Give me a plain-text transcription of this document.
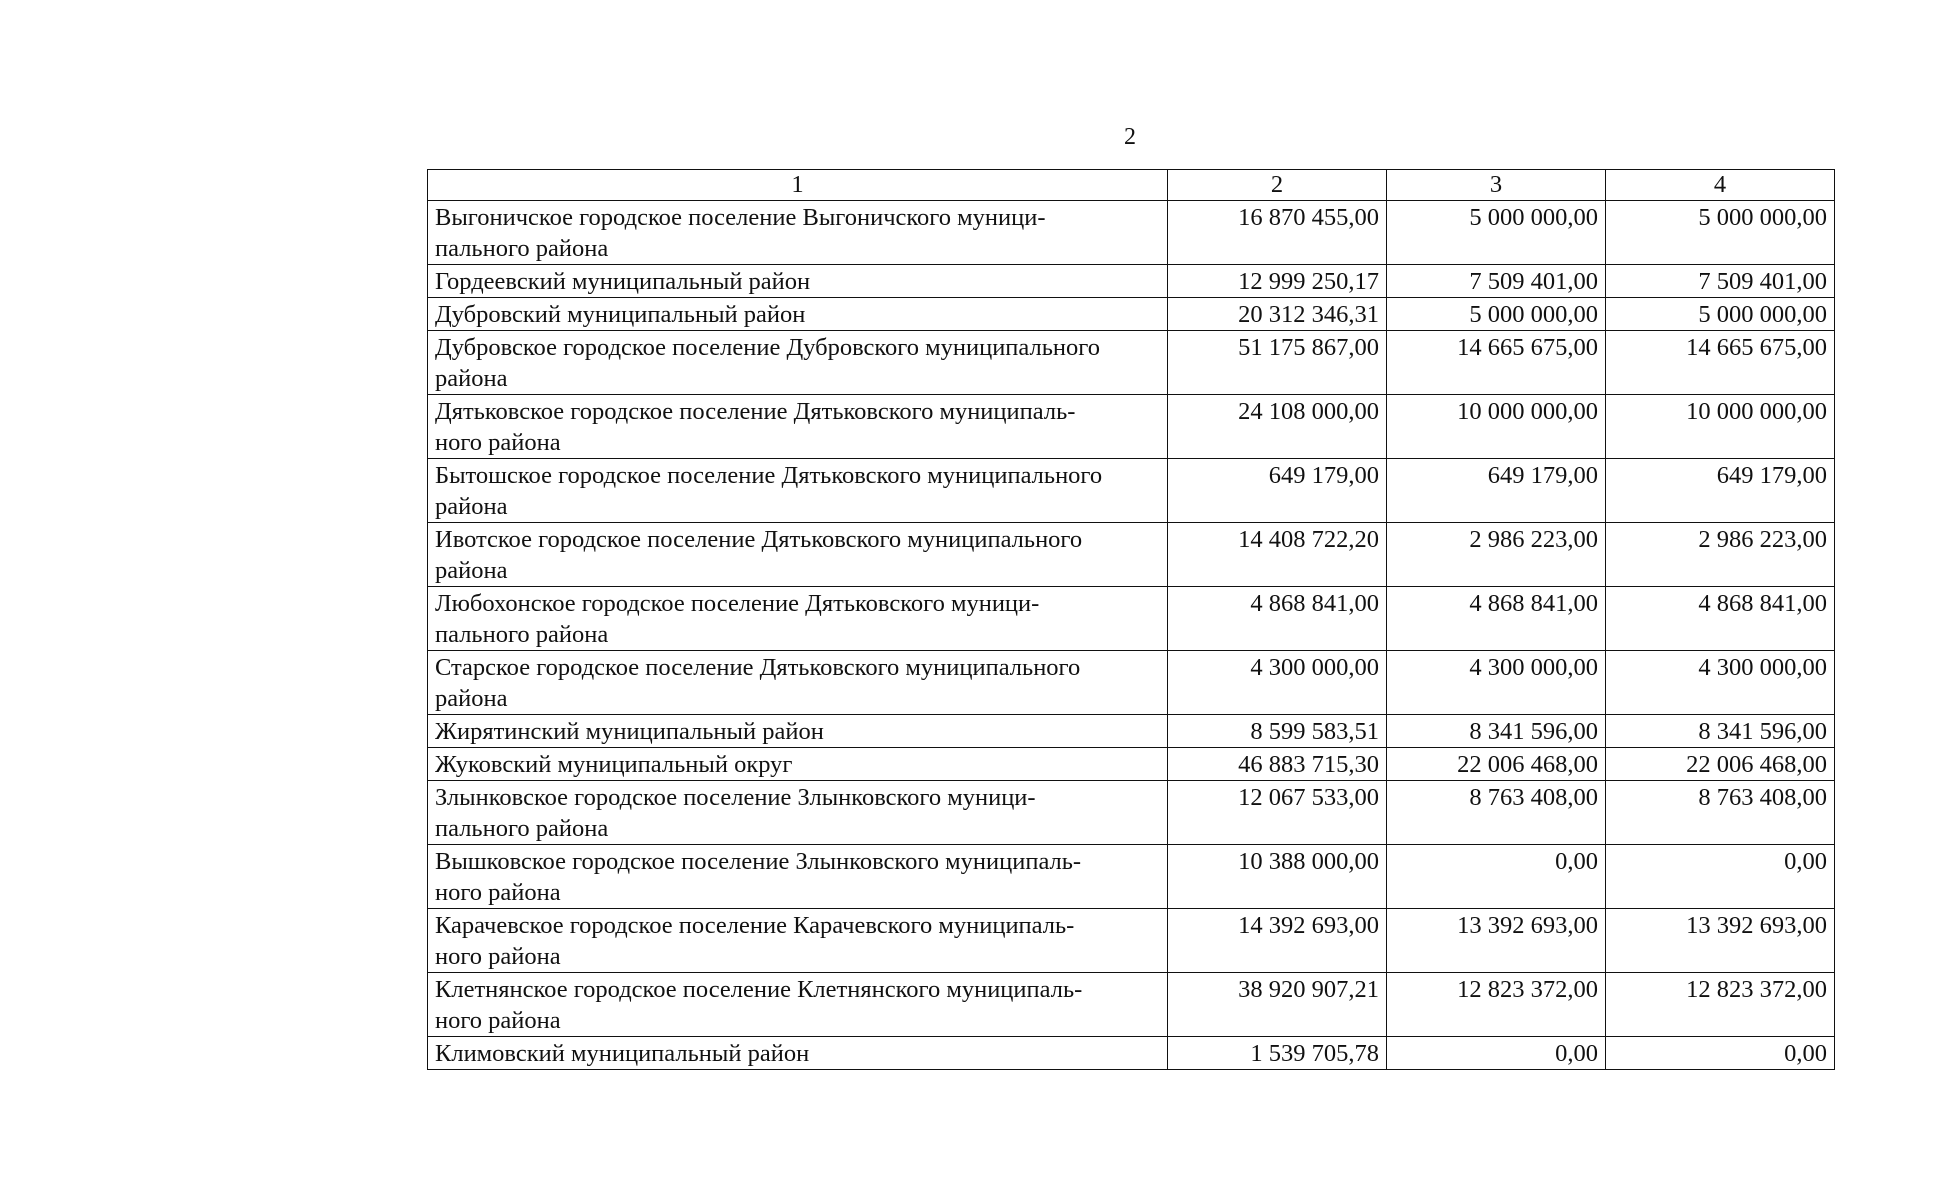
2
1	2	3	4
Выгоничское городское поселение Выгоничского муници-
пального района	16 870 455,00	5 000 000,00	5 000 000,00
Гордеевский муниципальный район	12 999 250,17	7 509 401,00	7 509 401,00
Дубровский муниципальный район	20 312 346,31	5 000 000,00	5 000 000,00
Дубровское городское поселение Дубровского муниципального
района	51 175 867,00	14 665 675,00	14 665 675,00
Дятьковское городское поселение Дятьковского муниципаль-
ного района	24 108 000,00	10 000 000,00	10 000 000,00
Бытошское городское поселение Дятьковского муниципального
района	649 179,00	649 179,00	649 179,00
Ивотское городское поселение Дятьковского муниципального
района	14 408 722,20	2 986 223,00	2 986 223,00
Любохонское городское поселение Дятьковского муници-
пального района	4 868 841,00	4 868 841,00	4 868 841,00
Старское городское поселение Дятьковского муниципального
района	4 300 000,00	4 300 000,00	4 300 000,00
Жирятинский муниципальный район	8 599 583,51	8 341 596,00	8 341 596,00
Жуковский муниципальный округ	46 883 715,30	22 006 468,00	22 006 468,00
Злынковское городское поселение Злынковского муници-
пального района	12 067 533,00	8 763 408,00	8 763 408,00
Вышковское городское поселение Злынковского муниципаль-
ного района	10 388 000,00	0,00	0,00
Карачевское городское поселение Карачевского муниципаль-
ного района	14 392 693,00	13 392 693,00	13 392 693,00
Клетнянское городское поселение Клетнянского муниципаль-
ного района	38 920 907,21	12 823 372,00	12 823 372,00
Климовский муниципальный район	1 539 705,78	0,00	0,00
